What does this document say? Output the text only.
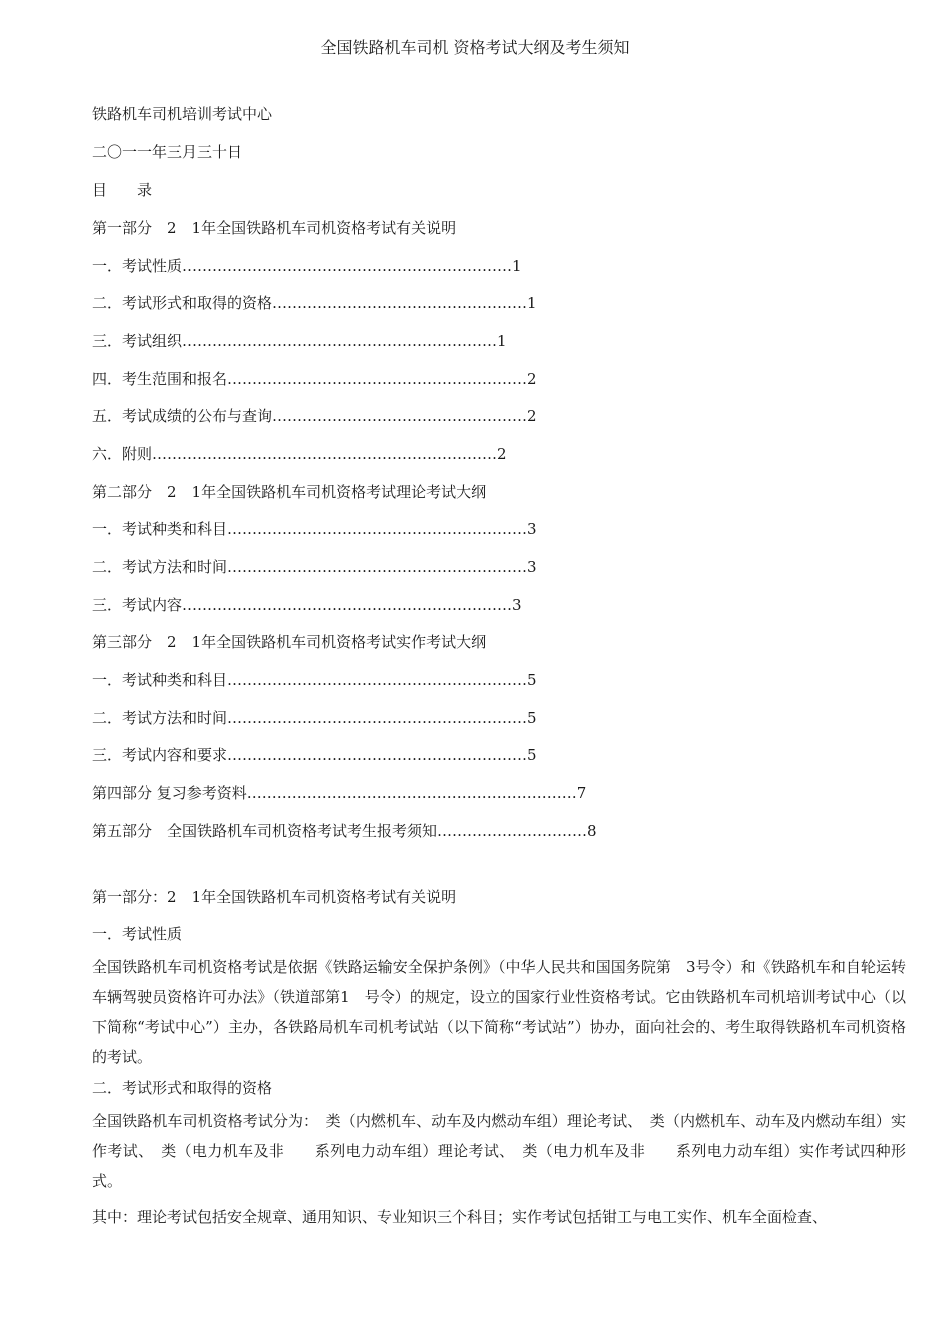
全国铁路机车司机 资格考试大纲及考生须知
铁路机车司机培训考试中心
二〇一一年三月三十日
目　　录
第一部分　2　1年全国铁路机车司机资格考试有关说明
一．考试性质…………………………………………………………1
二．考试形式和取得的资格……………………………………………1
三．考试组织………………………………………………………1
四．考生范围和报名……………………………………………………2
五．考试成绩的公布与查询……………………………………………2
六．附则……………………………………………………………2
第二部分　2　1年全国铁路机车司机资格考试理论考试大纲
一．考试种类和科目……………………………………………………3
二．考试方法和时间……………………………………………………3
三．考试内容…………………………………………………………3
第三部分　2　1年全国铁路机车司机资格考试实作考试大纲
一．考试种类和科目……………………………………………………5
二．考试方法和时间……………………………………………………5
三．考试内容和要求……………………………………………………5
第四部分 复习参考资料…………………………………………………………7
第五部分　全国铁路机车司机资格考试考生报考须知…………………………8
第一部分：2　1年全国铁路机车司机资格考试有关说明
一．考试性质

全国铁路机车司机资格考试是依据《铁路运输安全保护条例》（中华人民共和国国务院第　3号令）和《铁路机车和自轮运转车辆驾驶员资格许可办法》（铁道部第1　号令）的规定，设立的国家行业性资格考试。它由铁路机车司机培训考试中心（以下简称“考试中心”）主办，各铁路局机车司机考试站（以下简称“考试站”）协办，面向社会的、考生取得铁路机车司机资格的考试。

二．考试形式和取得的资格

全国铁路机车司机资格考试分为：　类（内燃机车、动车及内燃动车组）理论考试、　类（内燃机车、动车及内燃动车组）实作考试、　类（电力机车及非　　系列电力动车组）理论考试、　类（电力机车及非　　系列电力动车组）实作考试四种形式。

其中：理论考试包括安全规章、通用知识、专业知识三个科目；实作考试包括钳工与电工实作、机车全面检查、
